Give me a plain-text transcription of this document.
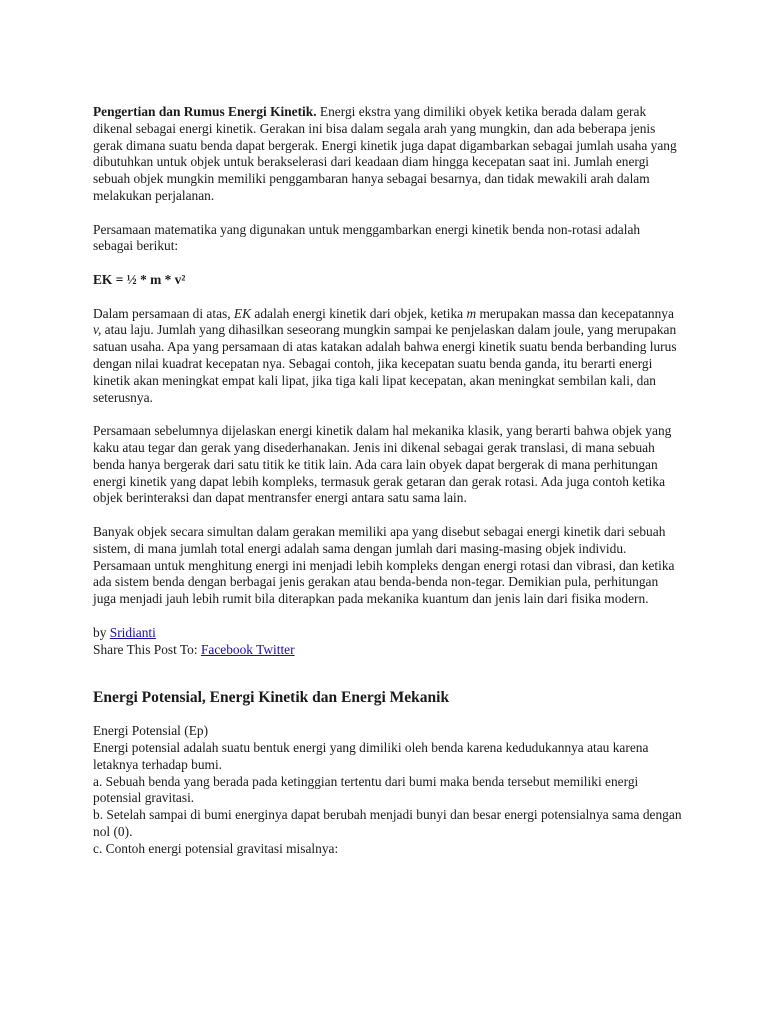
Pengertian dan Rumus Energi Kinetik. Energi ekstra yang dimiliki obyek ketika berada dalam gerak dikenal sebagai energi kinetik. Gerakan ini bisa dalam segala arah yang mungkin, dan ada beberapa jenis gerak dimana suatu benda dapat bergerak. Energi kinetik juga dapat digambarkan sebagai jumlah usaha yang dibutuhkan untuk objek untuk berakselerasi dari keadaan diam hingga kecepatan saat ini. Jumlah energi sebuah objek mungkin memiliki penggambaran hanya sebagai besarnya, dan tidak mewakili arah dalam melakukan perjalanan.

Persamaan matematika yang digunakan untuk menggambarkan energi kinetik benda non-rotasi adalah sebagai berikut:

EK = ½ * m * v²

Dalam persamaan di atas, EK adalah energi kinetik dari objek, ketika m merupakan massa dan kecepatannya v, atau laju. Jumlah yang dihasilkan seseorang mungkin sampai ke penjelaskan dalam joule, yang merupakan satuan usaha. Apa yang persamaan di atas katakan adalah bahwa energi kinetik suatu benda berbanding lurus dengan nilai kuadrat kecepatan nya. Sebagai contoh, jika kecepatan suatu benda ganda, itu berarti energi kinetik akan meningkat empat kali lipat, jika tiga kali lipat kecepatan, akan meningkat sembilan kali, dan seterusnya.

Persamaan sebelumnya dijelaskan energi kinetik dalam hal mekanika klasik, yang berarti bahwa objek yang kaku atau tegar dan gerak yang disederhanakan. Jenis ini dikenal sebagai gerak translasi, di mana sebuah benda hanya bergerak dari satu titik ke titik lain. Ada cara lain obyek dapat bergerak di mana perhitungan energi kinetik yang dapat lebih kompleks, termasuk gerak getaran dan gerak rotasi. Ada juga contoh ketika objek berinteraksi dan dapat mentransfer energi antara satu sama lain.

Banyak objek secara simultan dalam gerakan memiliki apa yang disebut sebagai energi kinetik dari sebuah sistem, di mana jumlah total energi adalah sama dengan jumlah dari masing-masing objek individu. Persamaan untuk menghitung energi ini menjadi lebih kompleks dengan energi rotasi dan vibrasi, dan ketika ada sistem benda dengan berbagai jenis gerakan atau benda-benda non-tegar. Demikian pula, perhitungan juga menjadi jauh lebih rumit bila diterapkan pada mekanika kuantum dan jenis lain dari fisika modern.

by Sridianti

Share This Post To: Facebook Twitter

Energi Potensial, Energi Kinetik dan Energi Mekanik

Energi Potensial (Ep)

Energi potensial adalah suatu bentuk energi yang dimiliki oleh benda karena kedudukannya atau karena letaknya terhadap bumi.

a. Sebuah benda yang berada pada ketinggian tertentu dari bumi maka benda tersebut memiliki energi potensial gravitasi.

b. Setelah sampai di bumi energinya dapat berubah menjadi bunyi dan besar energi potensialnya sama dengan nol (0).

c. Contoh energi potensial gravitasi misalnya:
